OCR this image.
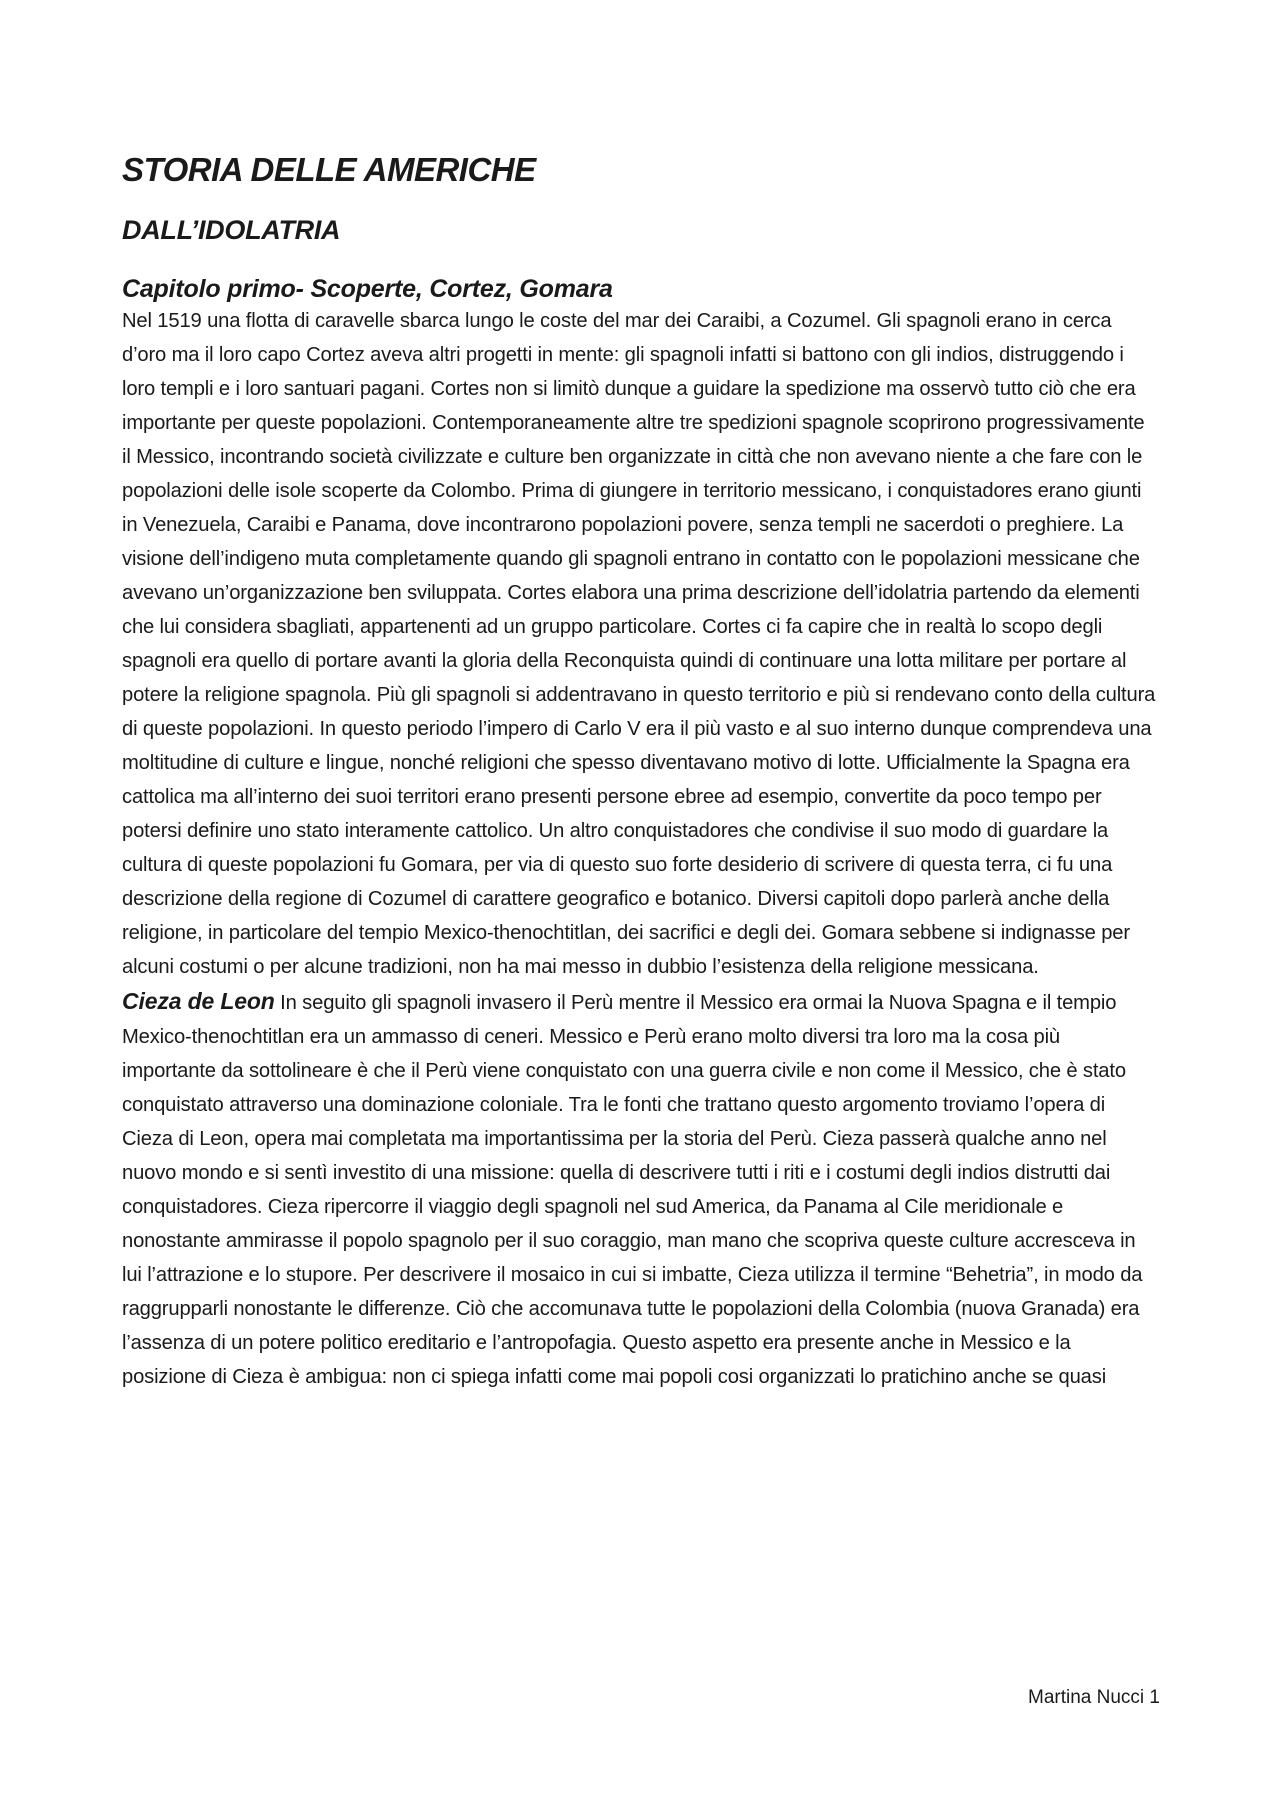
STORIA DELLE AMERICHE
DALL’IDOLATRIA
Capitolo primo- Scoperte, Cortez, Gomara

Nel 1519 una flotta di caravelle sbarca lungo le coste del mar dei Caraibi, a Cozumel. Gli spagnoli erano in cerca d’oro ma il loro capo Cortez aveva altri progetti in mente: gli spagnoli infatti si battono con gli indios, distruggendo i loro templi e i loro santuari pagani. Cortes non si limitò dunque a guidare la spedizione ma osservò tutto ciò che era importante per queste popolazioni. Contemporaneamente altre tre spedizioni spagnole scoprirono progressivamente il Messico, incontrando società civilizzate e culture ben organizzate in città che non avevano niente a che fare con le popolazioni delle isole scoperte da Colombo. Prima di giungere in territorio messicano, i conquistadores erano giunti in Venezuela, Caraibi e Panama, dove incontrarono popolazioni povere, senza templi ne sacerdoti o preghiere. La visione dell’indigeno muta completamente quando gli spagnoli entrano in contatto con le popolazioni messicane che avevano un’organizzazione ben sviluppata. Cortes elabora una prima descrizione dell’idolatria partendo da elementi che lui considera sbagliati, appartenenti ad un gruppo particolare. Cortes ci fa capire che in realtà lo scopo degli spagnoli era quello di portare avanti la gloria della Reconquista quindi di continuare una lotta militare per portare al potere la religione spagnola. Più gli spagnoli si addentravano in questo territorio e più si rendevano conto della cultura di queste popolazioni. In questo periodo l’impero di Carlo V era il più vasto e al suo interno dunque comprendeva una moltitudine di culture e lingue, nonché religioni che spesso diventavano motivo di lotte. Ufficialmente la Spagna era cattolica ma all’interno dei suoi territori erano presenti persone ebree ad esempio, convertite da poco tempo per potersi definire uno stato interamente cattolico. Un altro conquistadores che condivise il suo modo di guardare la cultura di queste popolazioni fu Gomara, per via di questo suo forte desiderio di scrivere di questa terra, ci fu una descrizione della regione di Cozumel di carattere geografico e botanico. Diversi capitoli dopo parlerà anche della religione, in particolare del tempio Mexico-thenochtitlan, dei sacrifici e degli dei. Gomara sebbene si indignasse per alcuni costumi o per alcune tradizioni, non ha mai messo in dubbio l’esistenza della religione messicana.

Cieza de Leon In seguito gli spagnoli invasero il Perù mentre il Messico era ormai la Nuova Spagna e il tempio Mexico-thenochtitlan era un ammasso di ceneri. Messico e Perù erano molto diversi tra loro ma la cosa più importante da sottolineare è che il Perù viene conquistato con una guerra civile e non come il Messico, che è stato conquistato attraverso una dominazione coloniale. Tra le fonti che trattano questo argomento troviamo l’opera di Cieza di Leon, opera mai completata ma importantissima per la storia del Perù. Cieza passerà qualche anno nel nuovo mondo e si sentì investito di una missione: quella di descrivere tutti i riti e i costumi degli indios distrutti dai conquistadores. Cieza ripercorre il viaggio degli spagnoli nel sud America, da Panama al Cile meridionale e nonostante ammirasse il popolo spagnolo per il suo coraggio, man mano che scopriva queste culture accresceva in lui l’attrazione e lo stupore. Per descrivere il mosaico in cui si imbatte, Cieza utilizza il termine “Behetria”, in modo da raggrupparli nonostante le differenze. Ciò che accomunava tutte le popolazioni della Colombia (nuova Granada) era l’assenza di un potere politico ereditario e l’antropofagia. Questo aspetto era presente anche in Messico e la posizione di Cieza è ambigua: non ci spiega infatti come mai popoli cosi organizzati lo pratichino anche se quasi

Martina Nucci 1
